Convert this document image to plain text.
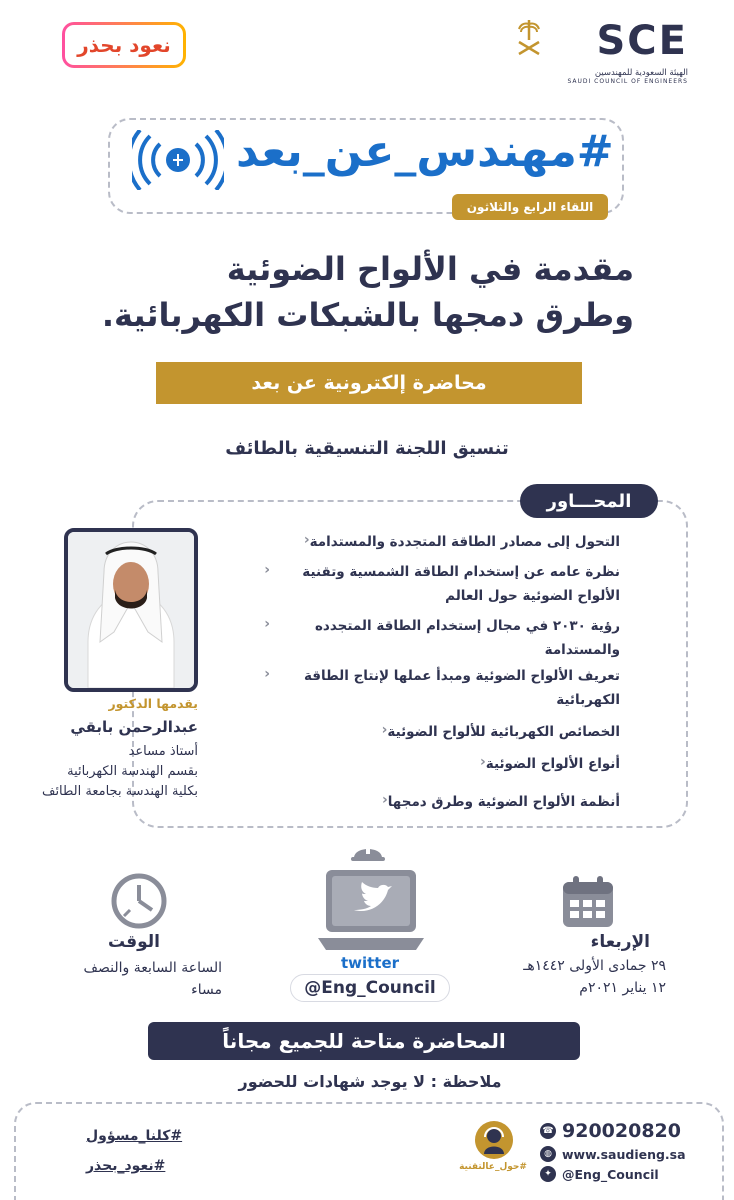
SCE
الهيئة السعودية للمهندسين
SAUDI COUNCIL OF ENGINEERS
نعود بحذر
#مهندس_عن_بعد
اللقاء الرابع والثلاثون
مقدمة في الألواح الضوئية
وطرق دمجها بالشبكات الكهربائية.
محاضرة إلكترونية عن بعد
تنسيق اللجنة التنسيقية بالطائف
المحـــاور
‹ التحول إلى مصادر الطاقة المتجددة والمستدامة
‹	نظرة عامه عن إستخدام الطاقة الشمسية وتقنية الألواح الضوئية حول العالم
‹	رؤية ٢٠٣٠ في مجال إستخدام الطاقة المتجدده والمستدامة
‹	تعريف الألواح الضوئية ومبدأ عملها لإنتاج الطاقة الكهربائية
‹ الخصائص الكهربائية للألواح الضوئية
‹ أنواع الألواح الضوئية
‹ أنظمة الألواح الضوئية وطرق دمجها
يقدمها الدكتور
عبدالرحمن بابقي
أستاذ مساعد
بقسم الهندسة الكهربائية
بكلية الهندسة بجامعة الطائف
twitter
@Eng_Council
الإربعاء
٢٩ جمادى الأولى ١٤٤٢هـ
١٢ يناير ٢٠٢١م
الوقت
الساعة السابعة والنصف
مساء
المحاضرة متاحة للجميع مجاناً
ملاحظة : لا يوجد شهادات للحضور
#كلنا_مسؤول
#نعود_بحذر	#حول_عالتقنية
☎ 920020820
◍ www.saudieng.sa
✦ @Eng_Council
